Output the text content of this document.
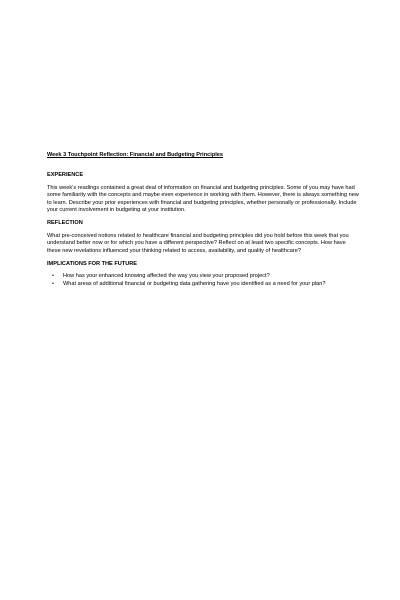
Week 3 Touchpoint Reflection: Financial and Budgeting Principles
EXPERIENCE
This week’s readings contained a great deal of information on financial and budgeting principles. Some of you may have had some familiarity with the concepts and maybe even experience in working with them. However, there is always something new to learn. Describe your prior experiences with financial and budgeting principles, whether personally or professionally. Include your current involvement in budgeting at your institution.
REFLECTION
What pre-conceived notions related to healthcare financial and budgeting principles did you hold before this week that you understand better now or for which you have a different perspective? Reflect on at least two specific concepts. How have these new revelations influenced your thinking related to access, availability, and quality of healthcare?
IMPLICATIONS FOR THE FUTURE
• How has your enhanced knowing affected the way you view your proposed project?
• What areas of additional financial or budgeting data gathering have you identified as a need for your plan?
